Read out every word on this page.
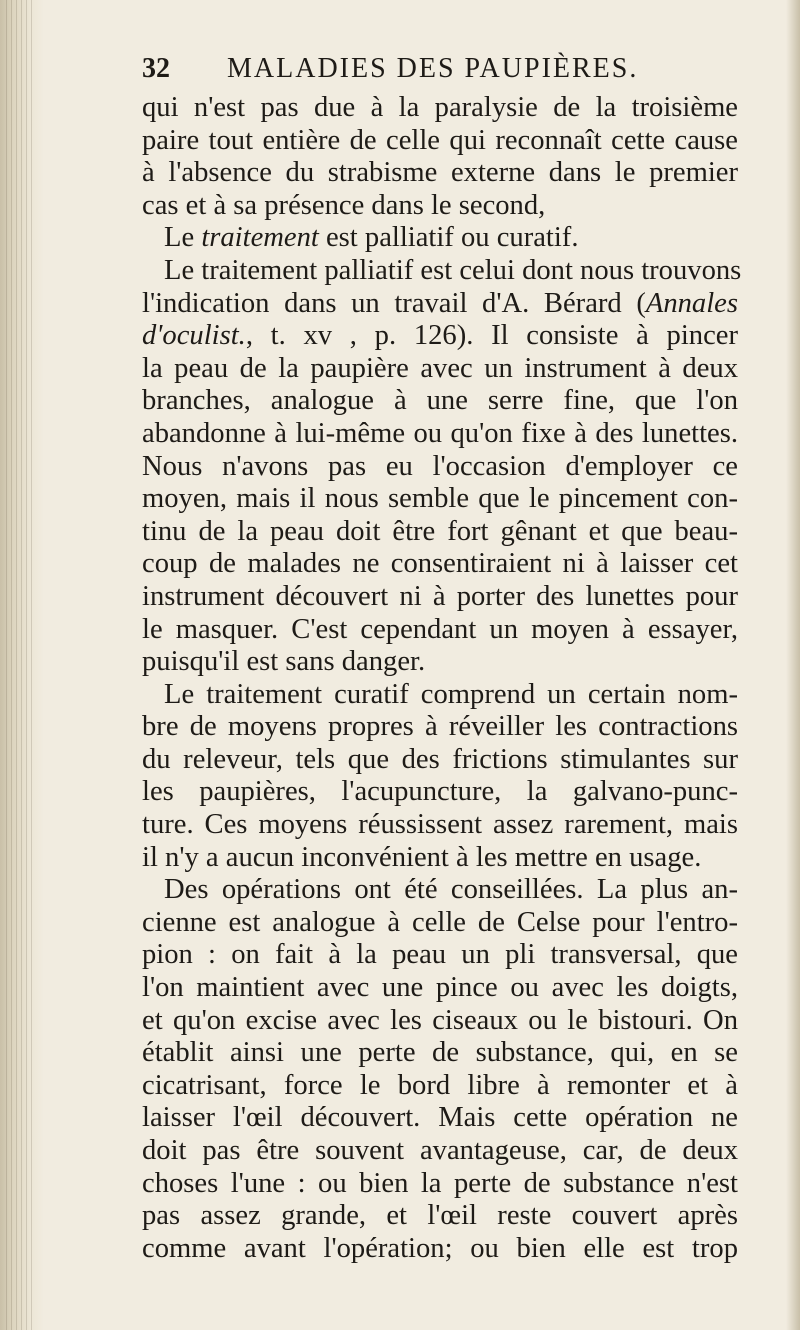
32 MALADIES DES PAUPIÈRES.
qui n'est pas due à la paralysie de la troisième
paire tout entière de celle qui reconnaît cette cause
à l'absence du strabisme externe dans le premier
cas et à sa présence dans le second,
Le traitement est palliatif ou curatif.
Le traitement palliatif est celui dont nous trouvons
l'indication dans un travail d'A. Bérard (Annales
d'oculist., t. xv , p. 126). Il consiste à pincer
la peau de la paupière avec un instrument à deux
branches, analogue à une serre fine, que l'on
abandonne à lui-même ou qu'on fixe à des lunettes.
Nous n'avons pas eu l'occasion d'employer ce
moyen, mais il nous semble que le pincement con-
tinu de la peau doit être fort gênant et que beau-
coup de malades ne consentiraient ni à laisser cet
instrument découvert ni à porter des lunettes pour
le masquer. C'est cependant un moyen à essayer,
puisqu'il est sans danger.
Le traitement curatif comprend un certain nom-
bre de moyens propres à réveiller les contractions
du releveur, tels que des frictions stimulantes sur
les paupières, l'acupuncture, la galvano-punc-
ture. Ces moyens réussissent assez rarement, mais
il n'y a aucun inconvénient à les mettre en usage.
Des opérations ont été conseillées. La plus an-
cienne est analogue à celle de Celse pour l'entro-
pion : on fait à la peau un pli transversal, que
l'on maintient avec une pince ou avec les doigts,
et qu'on excise avec les ciseaux ou le bistouri. On
établit ainsi une perte de substance, qui, en se
cicatrisant, force le bord libre à remonter et à
laisser l'œil découvert. Mais cette opération ne
doit pas être souvent avantageuse, car, de deux
choses l'une : ou bien la perte de substance n'est
pas assez grande, et l'œil reste couvert après
comme avant l'opération; ou bien elle est trop
